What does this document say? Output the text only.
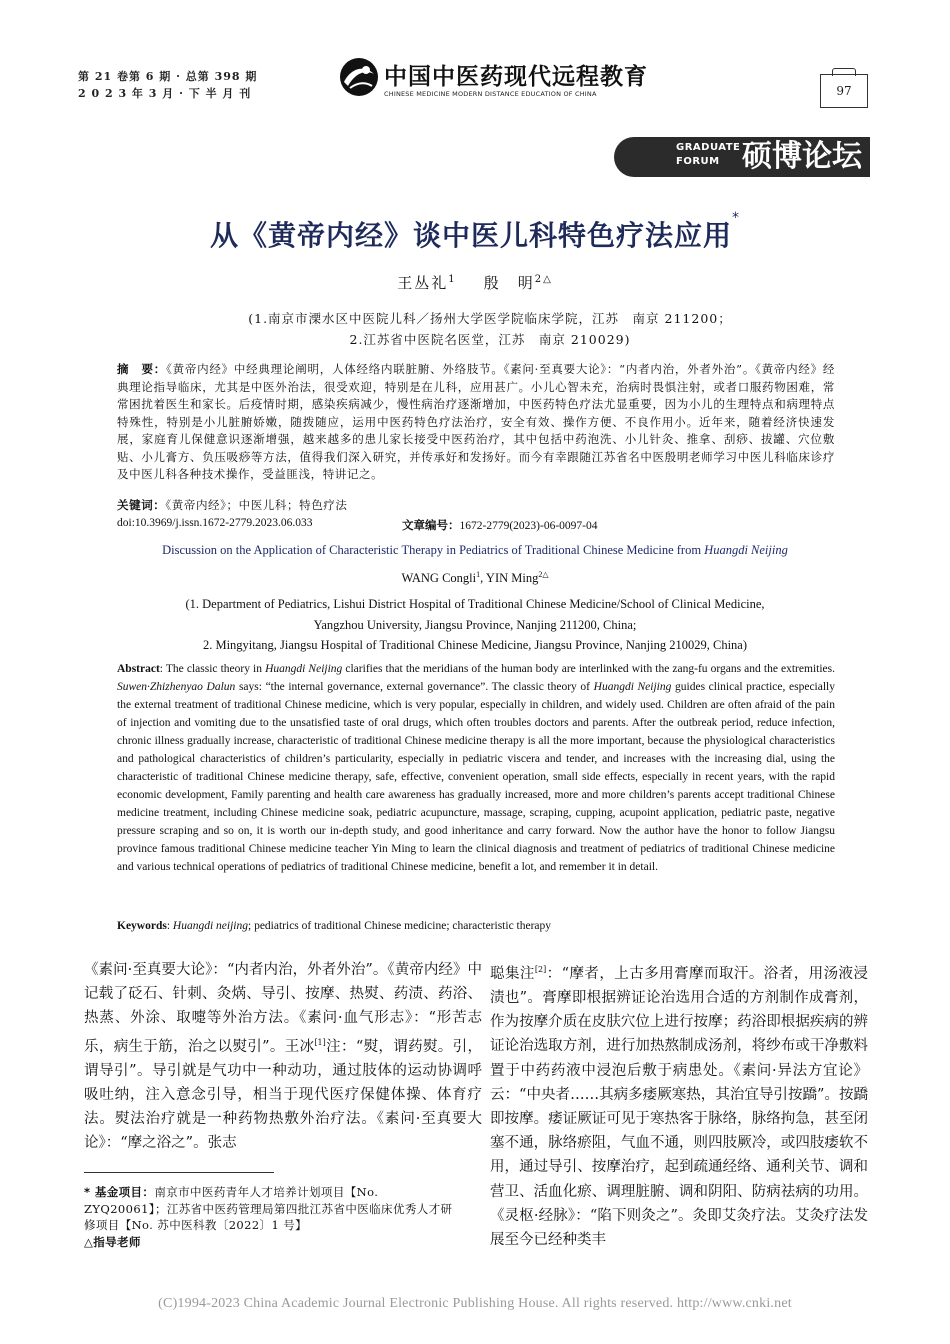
第 21 卷第 6 期 · 总第 398 期
2 0 2 3 年 3 月 · 下 半 月 刊
中国中医药现代远程教育
CHINESE MEDICINE MODERN DISTANCE EDUCATION OF CHINA	97
GRADUATE
FORUM 硕博论坛
从《黄帝内经》谈中医儿科特色疗法应用*
王丛礼$^1$ 殷　明$^{2\triangle}$
(1.南京市溧水区中医院儿科／扬州大学医学院临床学院，江苏　南京 211200；
2.江苏省中医院名医堂，江苏　南京 210029)
摘　要：《黄帝内经》中经典理论阐明，人体经络内联脏腑、外络肢节。《素问·至真要大论》：“内者内治，外者外治”。《黄帝内经》经典理论指导临床，尤其是中医外治法，很受欢迎，特别是在儿科，应用甚广。小儿心智未充，治病时畏惧注射，或者口服药物困难，常常困扰着医生和家长。后疫情时期，感染疾病减少，慢性病治疗逐渐增加，中医药特色疗法尤显重要，因为小儿的生理特点和病理特点特殊性，特别是小儿脏腑娇嫩，随拨随应，运用中医药特色疗法治疗，安全有效、操作方便、不良作用小。近年来，随着经济快速发展，家庭育儿保健意识逐渐增强，越来越多的患儿家长接受中医药治疗，其中包括中药泡洗、小儿针灸、推拿、刮痧、拔罐、穴位敷贴、小儿膏方、负压吸痧等方法，值得我们深入研究，并传承好和发扬好。而今有幸跟随江苏省名中医殷明老师学习中医儿科临床诊疗及中医儿科各种技术操作，受益匪浅，特讲记之。
关键词：《黄帝内经》；中医儿科；特色疗法
doi:10.3969/j.issn.1672-2779.2023.06.033	文章编号：1672-2779(2023)-06-0097-04
Discussion on the Application of Characteristic Therapy in Pediatrics of Traditional Chinese Medicine from Huangdi Neijing
WANG Congli$^1$, YIN Ming$^{2\triangle}$
(1. Department of Pediatrics, Lishui District Hospital of Traditional Chinese Medicine/School of Clinical Medicine,
Yangzhou University, Jiangsu Province, Nanjing 211200, China;
2. Mingyitang, Jiangsu Hospital of Traditional Chinese Medicine, Jiangsu Province, Nanjing 210029, China)
Abstract: The classic theory in Huangdi Neijing clarifies that the meridians of the human body are interlinked with the zang-fu organs and the extremities. Suwen·Zhizhenyao Dalun says: “the internal governance, external governance”. The classic theory of Huangdi Neijing guides clinical practice, especially the external treatment of traditional Chinese medicine, which is very popular, especially in children, and widely used. Children are often afraid of the pain of injection and vomiting due to the unsatisfied taste of oral drugs, which often troubles doctors and parents. After the outbreak period, reduce infection, chronic illness gradually increase, characteristic of traditional Chinese medicine therapy is all the more important, because the physiological characteristics and pathological characteristics of children’s particularity, especially in pediatric viscera and tender, and increases with the increasing dial, using the characteristic of traditional Chinese medicine therapy, safe, effective, convenient operation, small side effects, especially in recent years, with the rapid economic development, Family parenting and health care awareness has gradually increased, more and more children’s parents accept traditional Chinese medicine treatment, including Chinese medicine soak, pediatric acupuncture, massage, scraping, cupping, acupoint application, pediatric paste, negative pressure scraping and so on, it is worth our in-depth study, and good inheritance and carry forward. Now the author have the honor to follow Jiangsu province famous traditional Chinese medicine teacher Yin Ming to learn the clinical diagnosis and treatment of pediatrics of traditional Chinese medicine and various technical operations of pediatrics of traditional Chinese medicine, benefit a lot, and remember it in detail.
Keywords: Huangdi neijing; pediatrics of traditional Chinese medicine; characteristic therapy

《素问·至真要大论》：“内者内治，外者外治”。《黄帝内经》中记载了砭石、针刺、灸焫、导引、按摩、热熨、药渍、药浴、热蒸、外涂、取嚏等外治方法。《素问·血气形志》：“形苦志乐，病生于筋，治之以熨引”。王冰[1]注：“熨，谓药熨。引，谓导引”。导引就是气功中一种动功，通过肢体的运动协调呼吸吐纳，注入意念引导，相当于现代医疗保健体操、体育疗法。熨法治疗就是一种药物热敷外治疗法。《素问·至真要大论》：“摩之浴之”。张志

聪集注[2]：“摩者，上古多用膏摩而取汗。浴者，用汤液浸渍也”。膏摩即根据辨证论治选用合适的方剂制作成膏剂，作为按摩介质在皮肤穴位上进行按摩；药浴即根据疾病的辨证论治选取方剂，进行加热熬制成汤剂，将纱布或干净敷料置于中药药液中浸泡后敷于病患处。《素问·异法方宜论》云：“中央者……其病多痿厥寒热，其治宜导引按蹻”。按蹻即按摩。痿证厥证可见于寒热客于脉络，脉络拘急，甚至闭塞不通，脉络瘀阻，气血不通，则四肢厥冷，或四肢痿软不用，通过导引、按摩治疗，起到疏通经络、通利关节、调和营卫、活血化瘀、调理脏腑、调和阴阳、防病祛病的功用。《灵枢·经脉》：“陷下则灸之”。灸即艾灸疗法。艾灸疗法发展至今已经种类丰

* 基金项目：南京市中医药青年人才培养计划项目【No. ZYQ20061】；江苏省中医药管理局第四批江苏省中医临床优秀人才研修项目【No. 苏中医科教〔2022〕1 号】
△指导老师
(C)1994-2023 China Academic Journal Electronic Publishing House. All rights reserved. http://www.cnki.net
